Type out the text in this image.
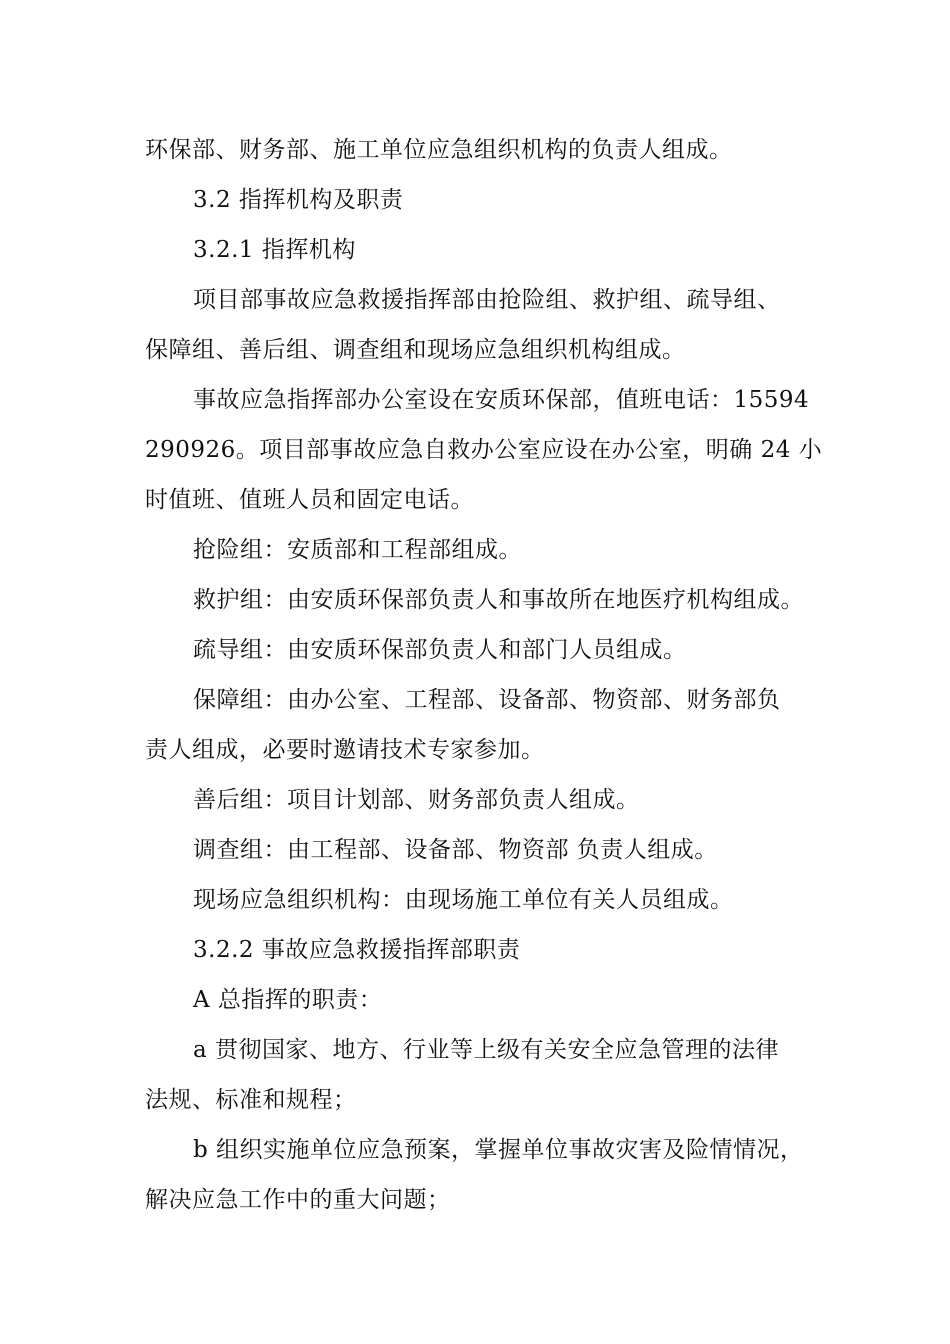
环保部、财务部、施工单位应急组织机构的负责人组成。
3.2 指挥机构及职责
3.2.1 指挥机构
项目部事故应急救援指挥部由抢险组、救护组、疏导组、
保障组、善后组、调查组和现场应急组织机构组成。
事故应急指挥部办公室设在安质环保部，值班电话：15594
290926。项目部事故应急自救办公室应设在办公室，明确 24 小
时值班、值班人员和固定电话。
抢险组：安质部和工程部组成。
救护组：由安质环保部负责人和事故所在地医疗机构组成。
疏导组：由安质环保部负责人和部门人员组成。
保障组：由办公室、工程部、设备部、物资部、财务部负
责人组成，必要时邀请技术专家参加。
善后组：项目计划部、财务部负责人组成。
调查组：由工程部、设备部、物资部 负责人组成。
现场应急组织机构：由现场施工单位有关人员组成。
3.2.2 事故应急救援指挥部职责
A 总指挥的职责：
a 贯彻国家、地方、行业等上级有关安全应急管理的法律
法规、标准和规程；
b 组织实施单位应急预案，掌握单位事故灾害及险情情况，
解决应急工作中的重大问题；
